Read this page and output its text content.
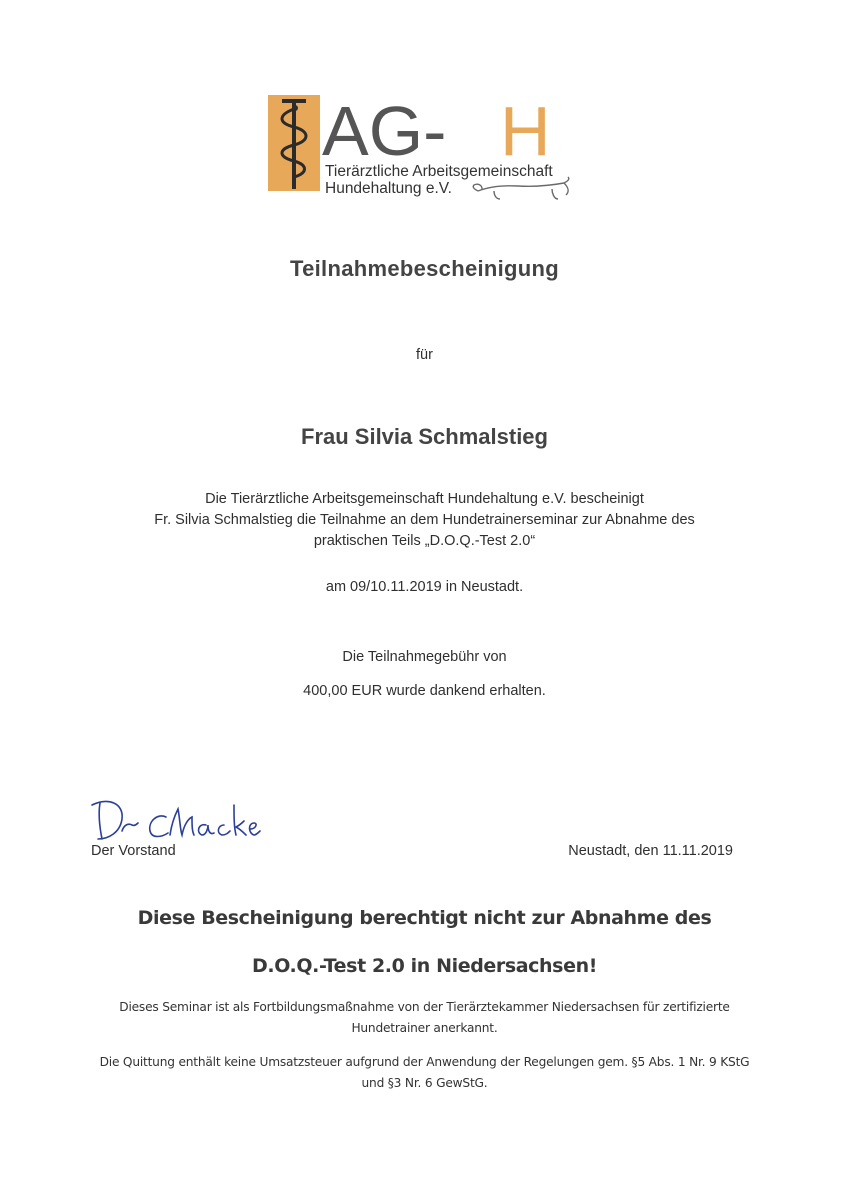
AG- H
Tierärztliche Arbeitsgemeinschaft
Hundehaltung e.V.
Teilnahmebescheinigung
für
Frau Silvia Schmalstieg
Die Tierärztliche Arbeitsgemeinschaft Hundehaltung e.V. bescheinigt
Fr. Silvia Schmalstieg die Teilnahme an dem Hundetrainerseminar zur Abnahme des
praktischen Teils „D.O.Q.-Test 2.0“
am 09/10.11.2019 in Neustadt.
Die Teilnahmegebühr von
400,00 EUR wurde dankend erhalten.
Der Vorstand	Neustadt, den 11.11.2019
Diese Bescheinigung berechtigt nicht zur Abnahme des
D.O.Q.-Test 2.0 in Niedersachsen!
Dieses Seminar ist als Fortbildungsmaßnahme von der Tierärztekammer Niedersachsen für zertifizierte
Hundetrainer anerkannt.
Die Quittung enthält keine Umsatzsteuer aufgrund der Anwendung der Regelungen gem. §5 Abs. 1 Nr. 9 KStG
und §3 Nr. 6 GewStG.
